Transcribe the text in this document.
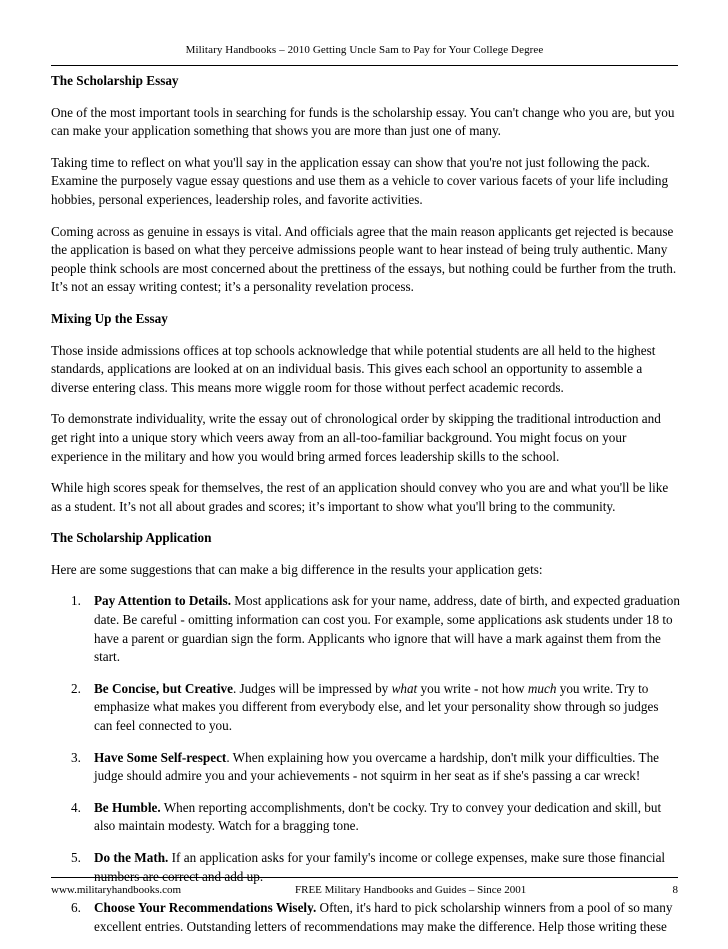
Military Handbooks – 2010 Getting Uncle Sam to Pay for Your College Degree
The Scholarship Essay

One of the most important tools in searching for funds is the scholarship essay. You can't change who you are, but you can make your application something that shows you are more than just one of many.

Taking time to reflect on what you'll say in the application essay can show that you're not just following the pack. Examine the purposely vague essay questions and use them as a vehicle to cover various facets of your life including hobbies, personal experiences, leadership roles, and favorite activities.

Coming across as genuine in essays is vital. And officials agree that the main reason applicants get rejected is because the application is based on what they perceive admissions people want to hear instead of being truly authentic. Many people think schools are most concerned about the prettiness of the essays, but nothing could be further from the truth. It’s not an essay writing contest; it’s a personality revelation process.

Mixing Up the Essay

Those inside admissions offices at top schools acknowledge that while potential students are all held to the highest standards, applications are looked at on an individual basis. This gives each school an opportunity to assemble a diverse entering class. This means more wiggle room for those without perfect academic records.

To demonstrate individuality, write the essay out of chronological order by skipping the traditional introduction and get right into a unique story which veers away from an all-too-familiar background. You might focus on your experience in the military and how you would bring armed forces leadership skills to the school.

While high scores speak for themselves, the rest of an application should convey who you are and what you'll be like as a student. It’s not all about grades and scores; it’s important to show what you'll bring to the community.

The Scholarship Application

Here are some suggestions that can make a big difference in the results your application gets:

1. Pay Attention to Details. Most applications ask for your name, address, date of birth, and expected graduation date. Be careful - omitting information can cost you. For example, some applications ask students under 18 to have a parent or guardian sign the form. Applicants who ignore that will have a mark against them from the start.
2. Be Concise, but Creative. Judges will be impressed by what you write - not how much you write. Try to emphasize what makes you different from everybody else, and let your personality show through so judges can feel connected to you.
3. Have Some Self-respect. When explaining how you overcame a hardship, don't milk your difficulties. The judge should admire you and your achievements - not squirm in her seat as if she's passing a car wreck!
4. Be Humble. When reporting accomplishments, don't be cocky. Try to convey your dedication and skill, but also maintain modesty. Watch for a bragging tone.
5. Do the Math. If an application asks for your family's income or college expenses, make sure those financial numbers are correct and add up.
6. Choose Your Recommendations Wisely. Often, it's hard to pick scholarship winners from a pool of so many excellent entries. Outstanding letters of recommendations may make the difference. Help those writing these
www.militaryhandbooks.com	FREE Military Handbooks and Guides – Since 2001	8
